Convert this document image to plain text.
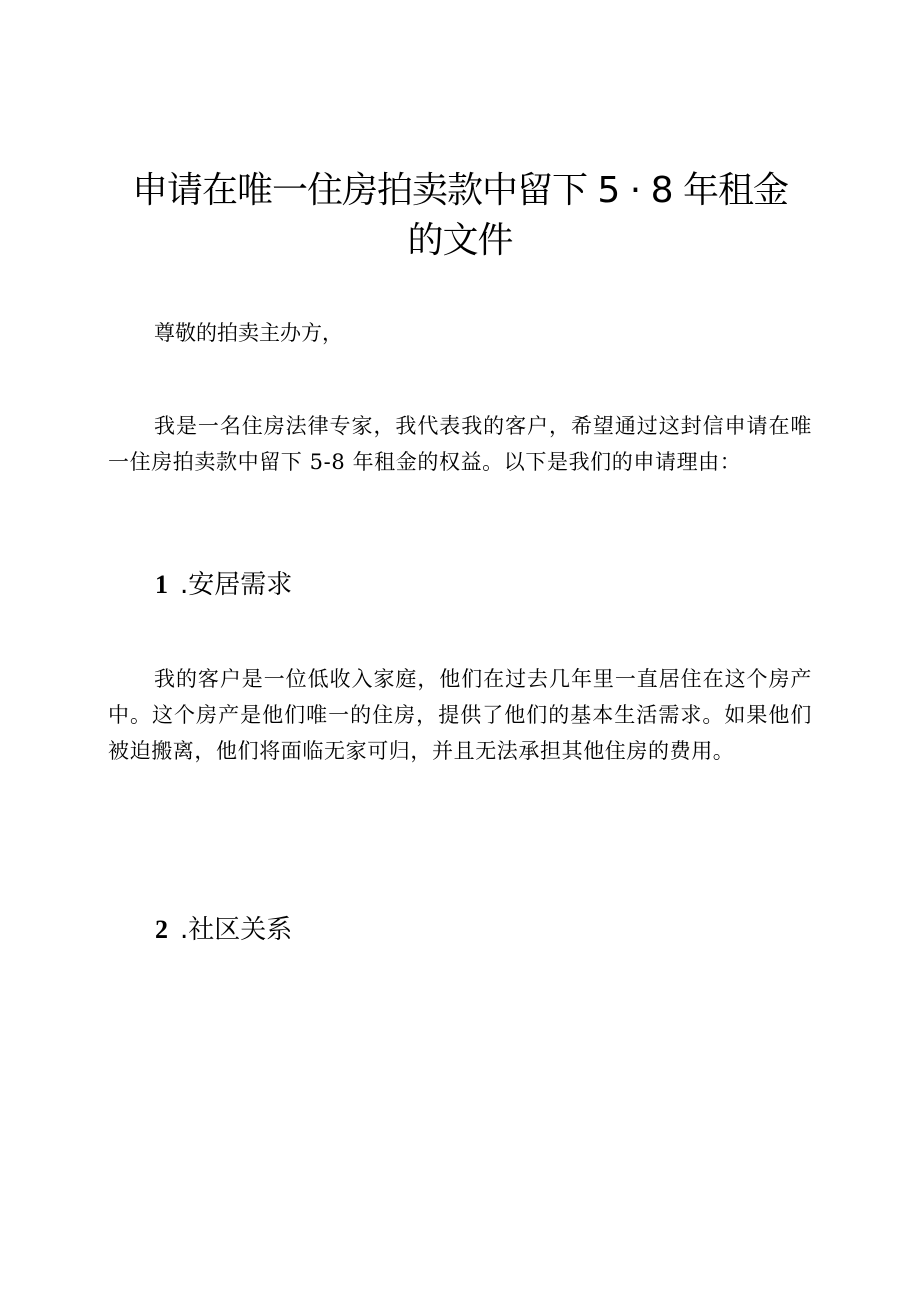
申请在唯一住房拍卖款中留下 5 · 8 年租金
的文件

尊敬的拍卖主办方，

我是一名住房法律专家，我代表我的客户，希望通过这封信申请在唯一住房拍卖款中留下 5-8 年租金的权益。以下是我们的申请理由：

1 .安居需求

我的客户是一位低收入家庭，他们在过去几年里一直居住在这个房产中。这个房产是他们唯一的住房，提供了他们的基本生活需求。如果他们被迫搬离，他们将面临无家可归，并且无法承担其他住房的费用。

2 .社区关系
